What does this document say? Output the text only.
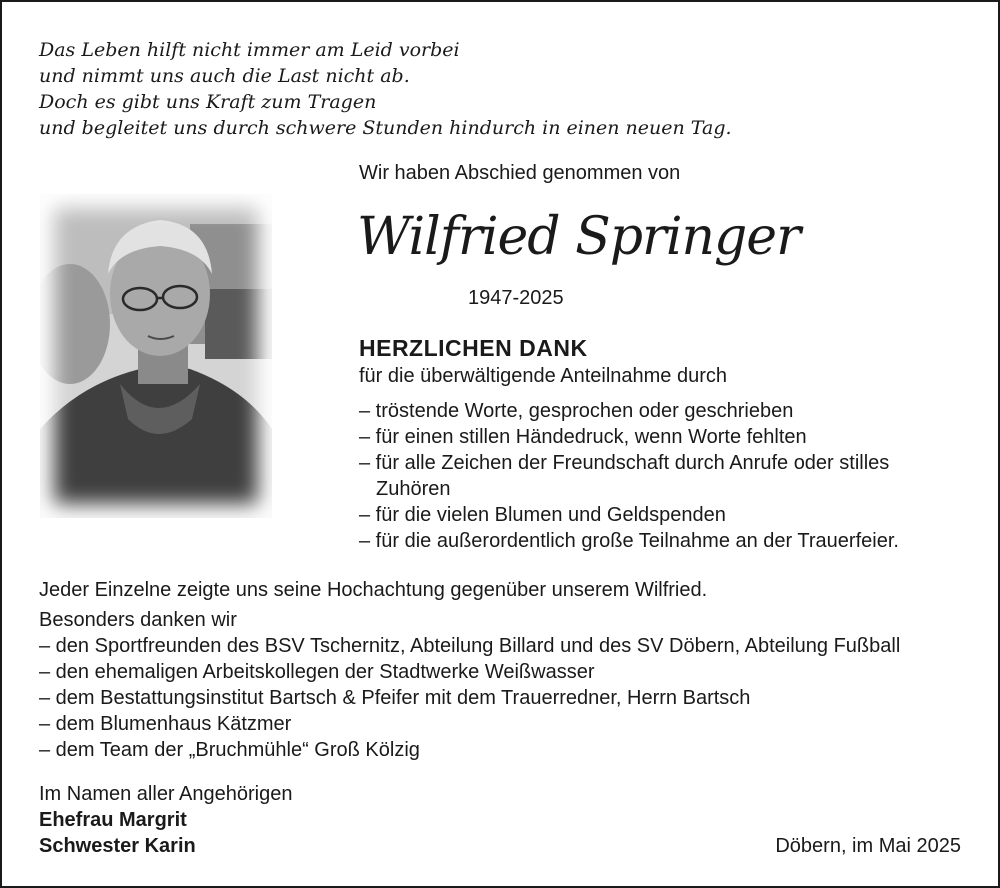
Das Leben hilft nicht immer am Leid vorbei
und nimmt uns auch die Last nicht ab.
Doch es gibt uns Kraft zum Tragen
und begleitet uns durch schwere Stunden hindurch in einen neuen Tag.
Wir haben Abschied genommen von
Wilfried Springer
1947-2025
HERZLICHEN DANK
für die überwältigende Anteilnahme durch
– tröstende Worte, gesprochen oder geschrieben
– für einen stillen Händedruck, wenn Worte fehlten
– für alle Zeichen der Freundschaft durch Anrufe oder stilles
Zuhören
– für die vielen Blumen und Geldspenden
– für die außerordentlich große Teilnahme an der Trauerfeier.
Jeder Einzelne zeigte uns seine Hochachtung gegenüber unserem Wilfried.
Besonders danken wir
– den Sportfreunden des BSV Tschernitz, Abteilung Billard und des SV Döbern, Abteilung Fußball
– den ehemaligen Arbeitskollegen der Stadtwerke Weißwasser
– dem Bestattungsinstitut Bartsch & Pfeifer mit dem Trauerredner, Herrn Bartsch
– dem Blumenhaus Kätzmer
– dem Team der „Bruchmühle“ Groß Kölzig
Im Namen aller Angehörigen
Ehefrau Margrit
Schwester Karin	Döbern, im Mai 2025
